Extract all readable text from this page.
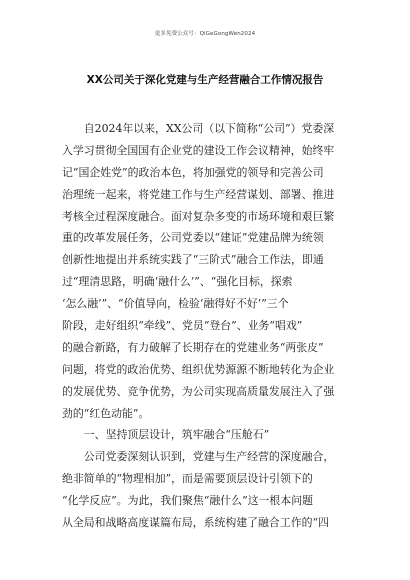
更多免费公众号：QiGeGongWen2024
XX公司关于深化党建与生产经营融合工作情况报告
　　自2024年以来，XX公司（以下简称“公司”）党委深
入学习贯彻全国国有企业党的建设工作会议精神，始终牢
记“国企姓党”的政治本色，将加强党的领导和完善公司
治理统一起来，将党建工作与生产经营谋划、部署、推进
考核全过程深度融合。面对复杂多变的市场环境和艰巨繁
重的改革发展任务，公司党委以“建证”党建品牌为统领
创新性地提出并系统实践了“三阶式”融合工作法，即通
过“理清思路，明确‘融什么’”、“强化目标，探索
‘怎么融’”、“价值导向，检验‘融得好不好’”三个
阶段，走好组织“牵线”、党员“登台”、业务“唱戏”
的融合新路，有力破解了长期存在的党建业务“两张皮”
问题，将党的政治优势、组织优势源源不断地转化为企业
的发展优势、竞争优势，为公司实现高质量发展注入了强
劲的“红色动能”。
　　一、坚持顶层设计，筑牢融合“压舱石”
　　公司党委深刻认识到，党建与生产经营的深度融合，
绝非简单的“物理相加”，而是需要顶层设计引领下的
“化学反应”。为此，我们聚焦“融什么”这一根本问题
从全局和战略高度谋篇布局，系统构建了融合工作的“四
